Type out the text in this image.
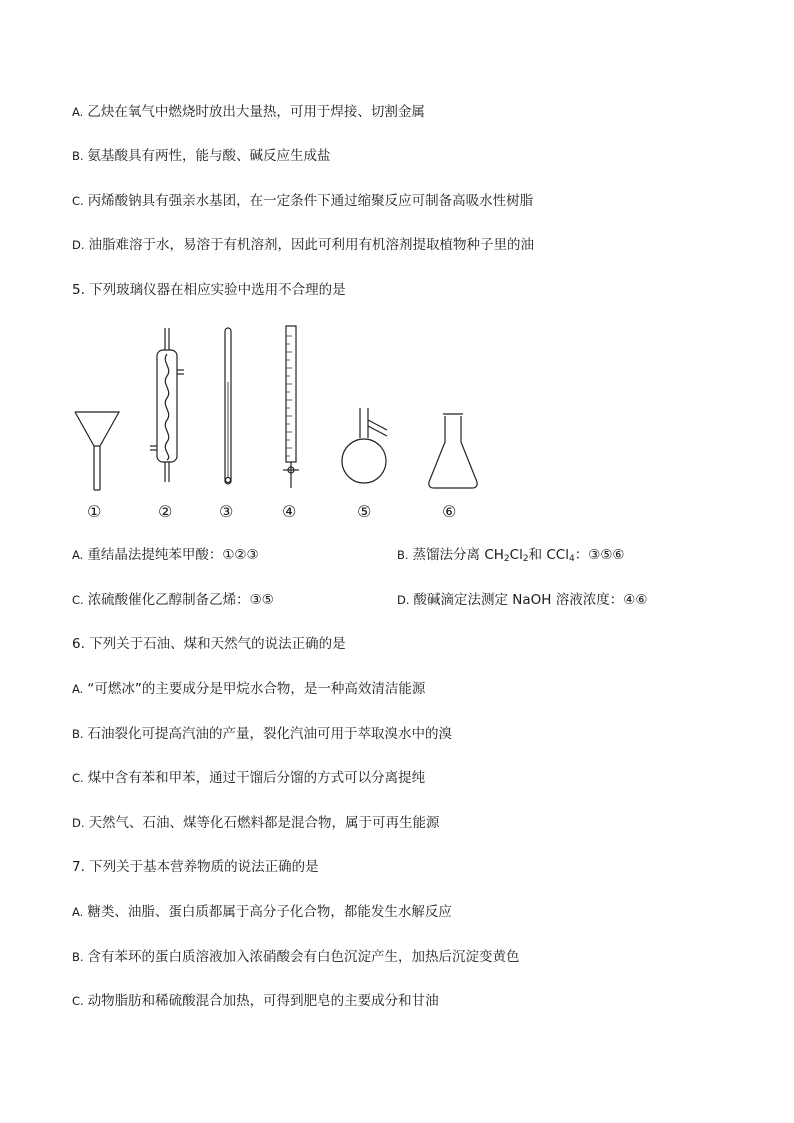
A. 乙炔在氧气中燃烧时放出大量热，可用于焊接、切割金属
B. 氨基酸具有两性，能与酸、碱反应生成盐
C. 丙烯酸钠具有强亲水基团，在一定条件下通过缩聚反应可制备高吸水性树脂
D. 油脂难溶于水，易溶于有机溶剂，因此可利用有机溶剂提取植物种子里的油
5. 下列玻璃仪器在相应实验中选用不合理的是
①	②	③	④	⑤	⑥
A. 重结晶法提纯苯甲酸：①②③	B. 蒸馏法分离 $CH_2Cl_2$和 CCl$_4$：③⑤⑥
C. 浓硫酸催化乙醇制备乙烯：③⑤	D. 酸碱滴定法测定 NaOH 溶液浓度：④⑥
6. 下列关于石油、煤和天然气的说法正确的是
A. “可燃冰”的主要成分是甲烷水合物，是一种高效清洁能源
B. 石油裂化可提高汽油的产量，裂化汽油可用于萃取溴水中的溴
C. 煤中含有苯和甲苯，通过干馏后分馏的方式可以分离提纯
D. 天然气、石油、煤等化石燃料都是混合物，属于可再生能源
7. 下列关于基本营养物质的说法正确的是
A. 糖类、油脂、蛋白质都属于高分子化合物，都能发生水解反应
B. 含有苯环的蛋白质溶液加入浓硝酸会有白色沉淀产生，加热后沉淀变黄色
C. 动物脂肪和稀硫酸混合加热，可得到肥皂的主要成分和甘油
